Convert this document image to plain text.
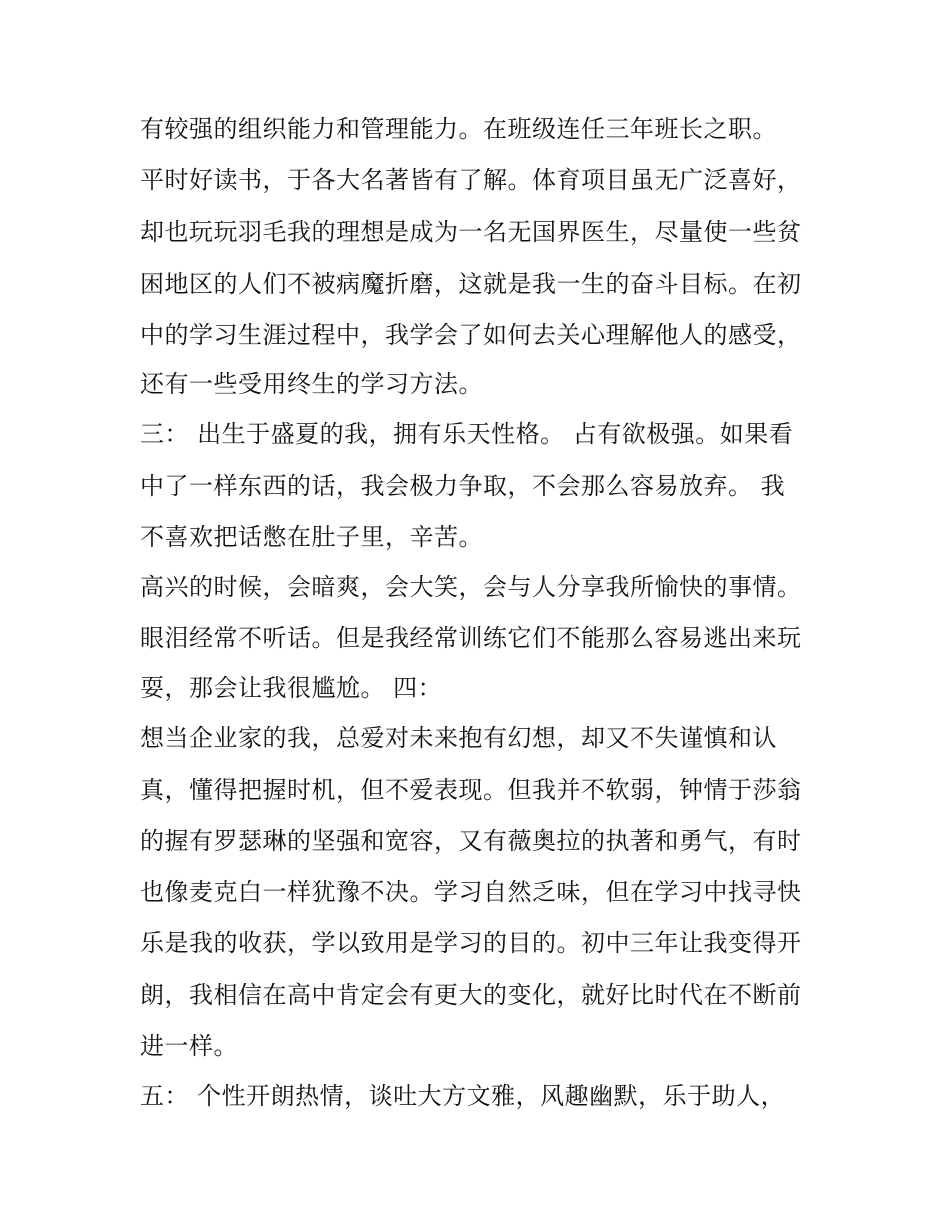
有较强的组织能力和管理能力。在班级连任三年班长之职。
平时好读书，于各大名著皆有了解。体育项目虽无广泛喜好，
却也玩玩羽毛我的理想是成为一名无国界医生，尽量使一些贫
困地区的人们不被病魔折磨，这就是我一生的奋斗目标。在初
中的学习生涯过程中，我学会了如何去关心理解他人的感受，
还有一些受用终生的学习方法。
三： 出生于盛夏的我，拥有乐天性格。 占有欲极强。如果看
中了一样东西的话，我会极力争取，不会那么容易放弃。 我
不喜欢把话憋在肚子里，辛苦。
高兴的时候，会暗爽，会大笑，会与人分享我所愉快的事情。
眼泪经常不听话。但是我经常训练它们不能那么容易逃出来玩
耍，那会让我很尴尬。 四：
想当企业家的我，总爱对未来抱有幻想，却又不失谨慎和认
真，懂得把握时机，但不爱表现。但我并不软弱，钟情于莎翁
的握有罗瑟琳的坚强和宽容，又有薇奥拉的执著和勇气，有时
也像麦克白一样犹豫不决。学习自然乏味，但在学习中找寻快
乐是我的收获，学以致用是学习的目的。初中三年让我变得开
朗，我相信在高中肯定会有更大的变化，就好比时代在不断前
进一样。
五： 个性开朗热情，谈吐大方文雅，风趣幽默，乐于助人，
